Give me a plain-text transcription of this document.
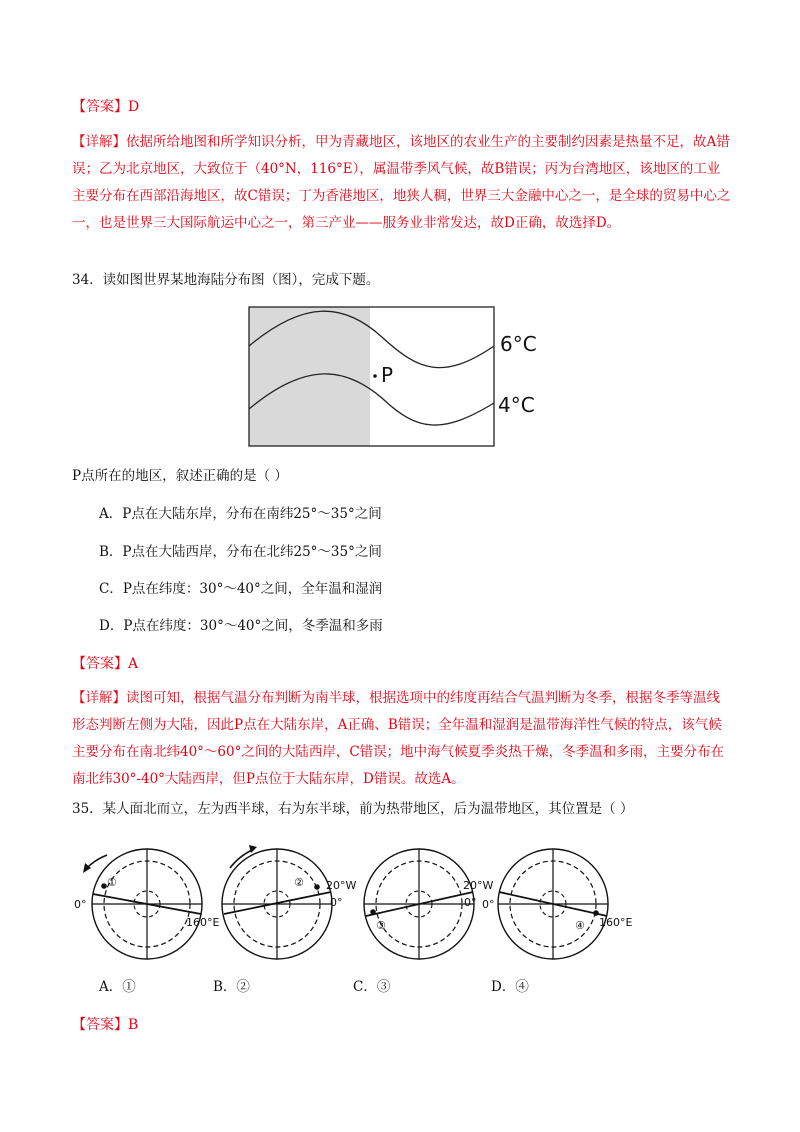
【答案】D
【详解】依据所给地图和所学知识分析，甲为青藏地区，该地区的农业生产的主要制约因素是热量不足，故A错误；乙为北京地区，大致位于（40°N，116°E），属温带季风气候，故B错误；丙为台湾地区，该地区的工业主要分布在西部沿海地区，故C错误；丁为香港地区，地狭人稠，世界三大金融中心之一，是全球的贸易中心之一，也是世界三大国际航运中心之一，第三产业——服务业非常发达，故D正确，故选择D。
34．读如图世界某地海陆分布图（图），完成下题。
P
6°C
4°C
P点所在的地区，叙述正确的是（ ）
A．P点在大陆东岸，分布在南纬25°～35°之间
B．P点在大陆西岸，分布在北纬25°～35°之间
C．P点在纬度：30°～40°之间，全年温和湿润
D．P点在纬度：30°～40°之间，冬季温和多雨
【答案】A
【详解】读图可知，根据气温分布判断为南半球，根据选项中的纬度再结合气温判断为冬季，根据冬季等温线形态判断左侧为大陆，因此P点在大陆东岸，A正确、B错误；全年温和湿润是温带海洋性气候的特点，该气候主要分布在南北纬40°～60°之间的大陆西岸，C错误；地中海气候夏季炎热干燥，冬季温和多雨，主要分布在南北纬30°-40°大陆西岸，但P点位于大陆东岸，D错误。故选A。
35．某人面北而立，左为西半球，右为东半球，前为热带地区，后为温带地区，其位置是（ ）
①
0°
160°E
② 20°W
0°
③
20°W
0°
④
0°
160°E
A．①	B．②	C．③	D．④
【答案】B
